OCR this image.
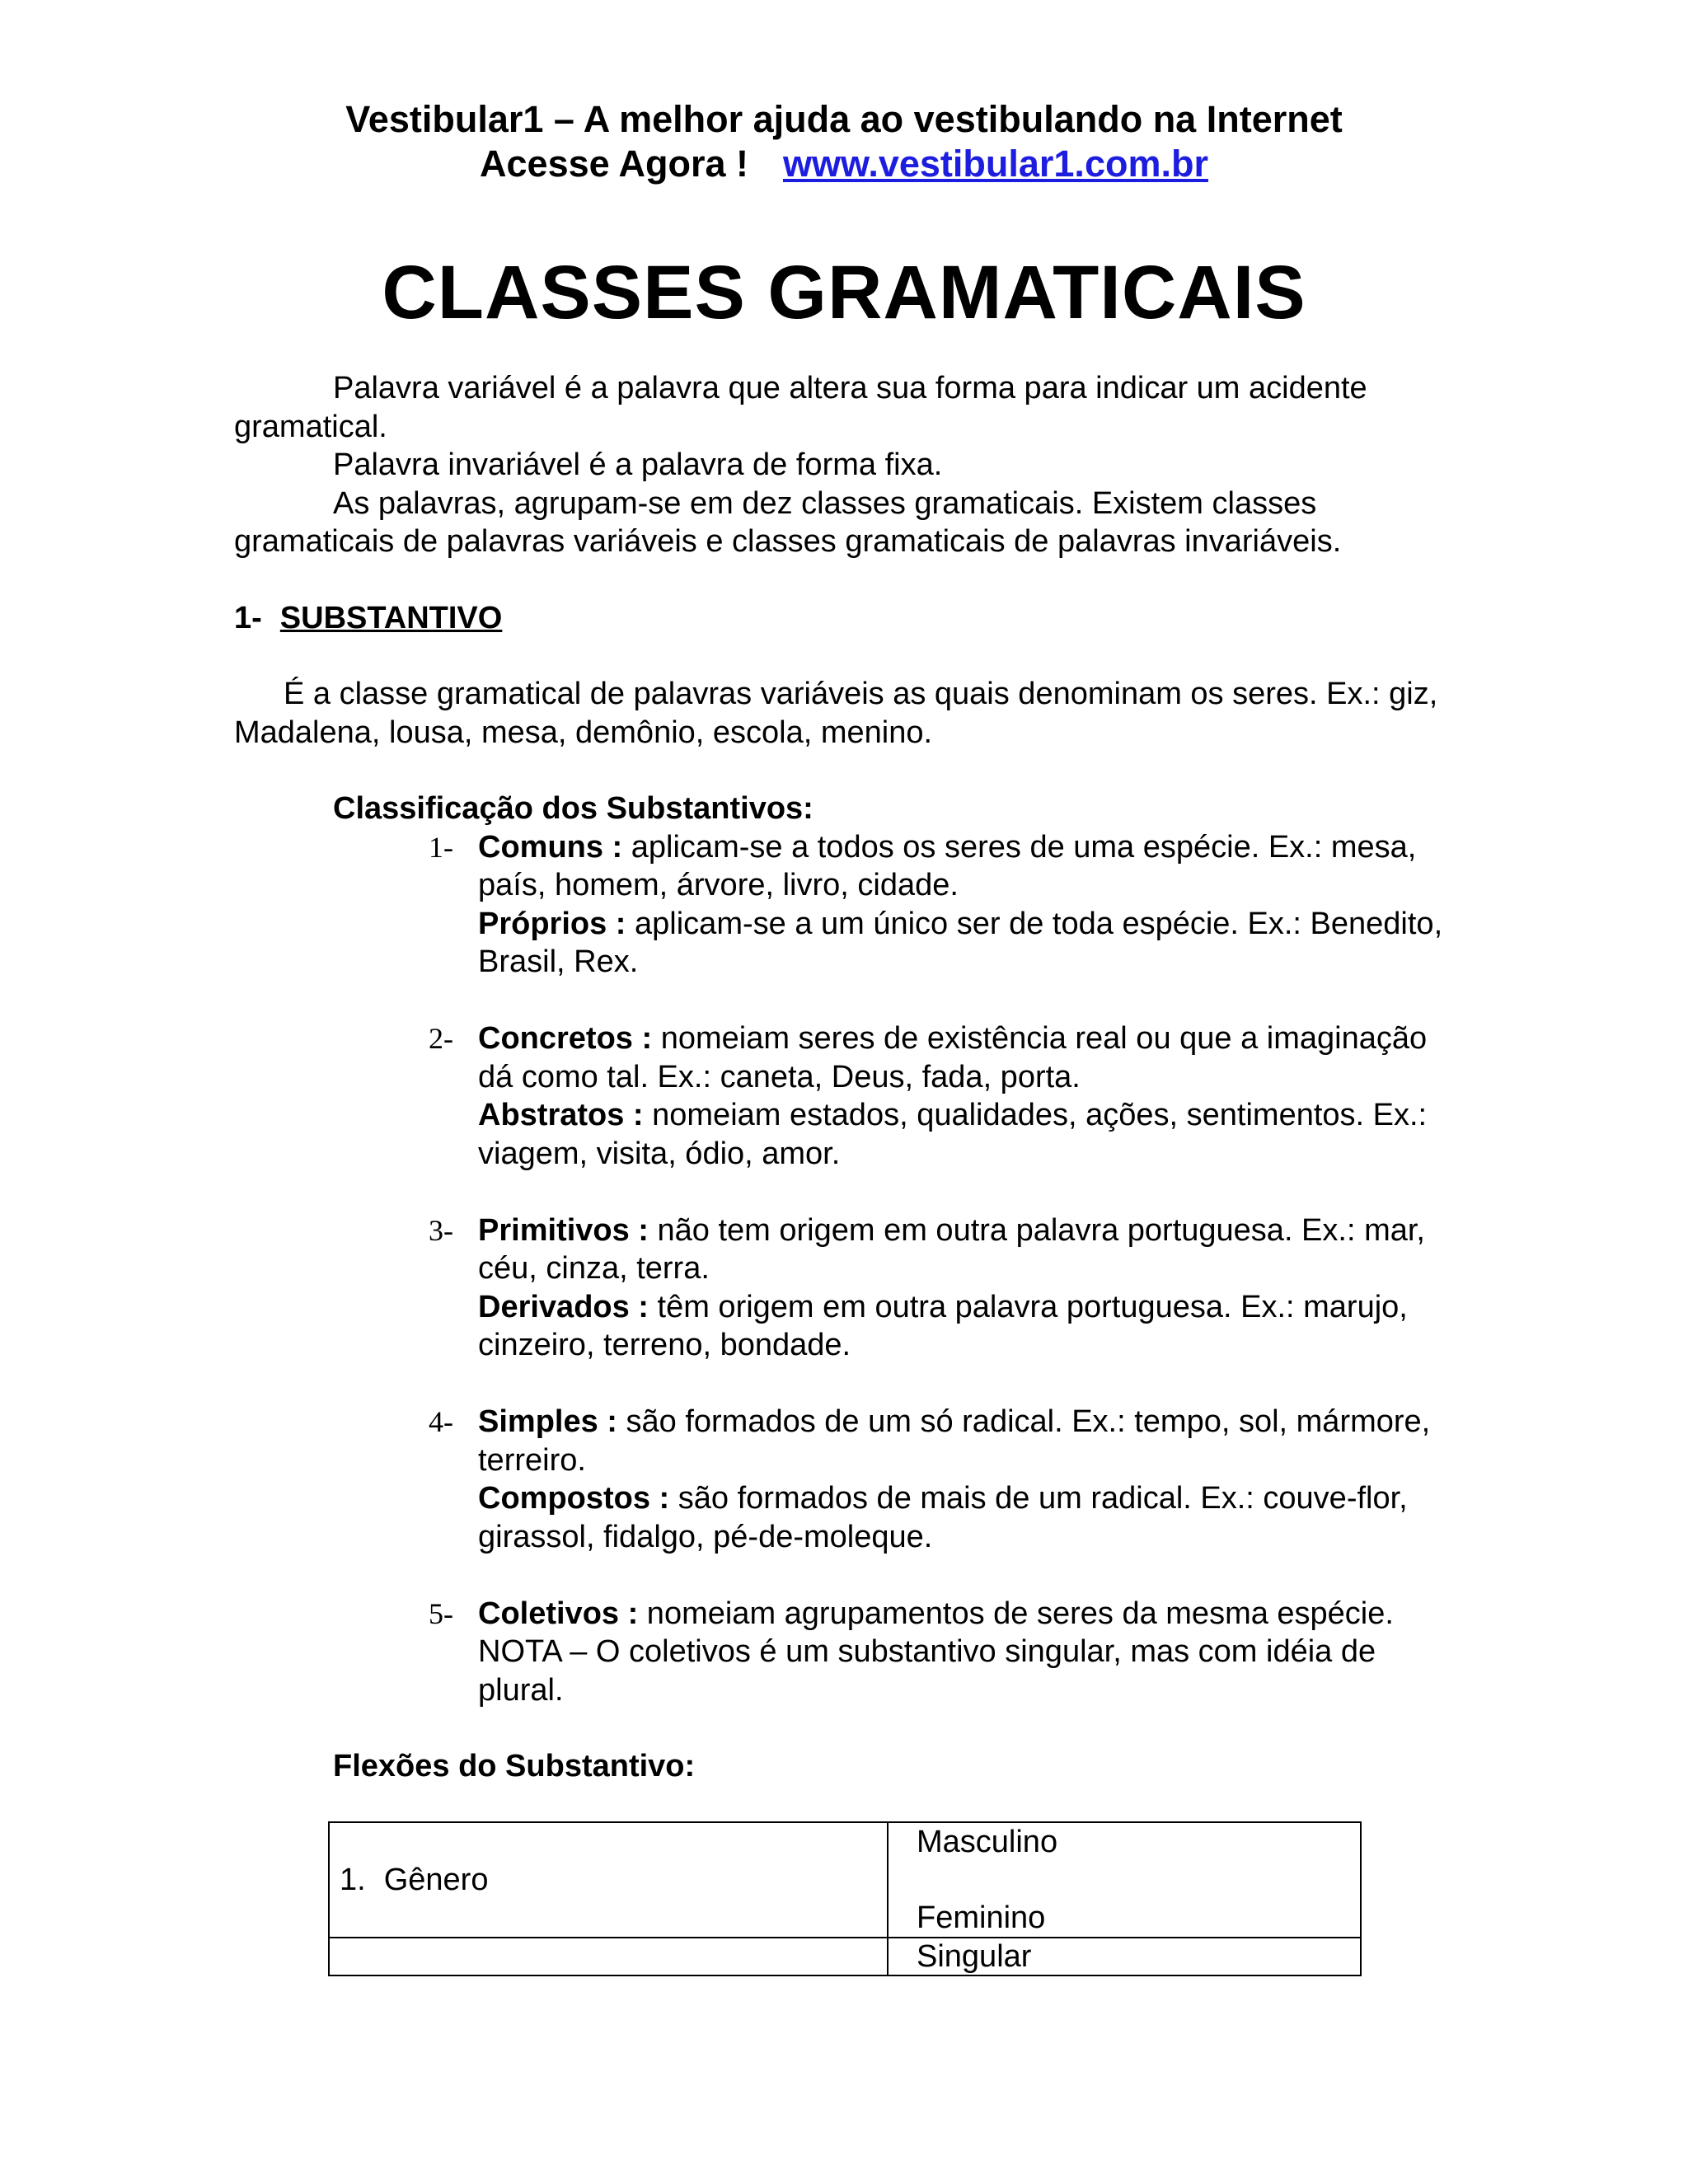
Vestibular1 – A melhor ajuda ao vestibulando na Internet
Acesse Agora ! www.vestibular1.com.br
CLASSES GRAMATICAIS

Palavra variável é a palavra que altera sua forma para indicar um acidente gramatical.

Palavra invariável é a palavra de forma fixa.

As palavras, agrupam-se em dez classes gramaticais. Existem classes gramaticais de palavras variáveis e classes gramaticais de palavras invariáveis.

1- SUBSTANTIVO

É a classe gramatical de palavras variáveis as quais denominam os seres. Ex.: giz, Madalena, lousa, mesa, demônio, escola, menino.

Classificação dos Substantivos:

1- Comuns : aplicam-se a todos os seres de uma espécie. Ex.: mesa, país, homem, árvore, livro, cidade.
Próprios : aplicam-se a um único ser de toda espécie. Ex.: Benedito, Brasil, Rex.
2- Concretos : nomeiam seres de existência real ou que a imaginação dá como tal. Ex.: caneta, Deus, fada, porta.
Abstratos : nomeiam estados, qualidades, ações, sentimentos. Ex.: viagem, visita, ódio, amor.
3- Primitivos : não tem origem em outra palavra portuguesa. Ex.: mar, céu, cinza, terra.
Derivados : têm origem em outra palavra portuguesa. Ex.: marujo, cinzeiro, terreno, bondade.
4- Simples : são formados de um só radical. Ex.: tempo, sol, mármore, terreiro.
Compostos : são formados de mais de um radical. Ex.: couve-flor, girassol, fidalgo, pé-de-moleque.
5- Coletivos : nomeiam agrupamentos de seres da mesma espécie. NOTA – O coletivos é um substantivo singular, mas com idéia de plural.

Flexões do Substantivo:

1. Gênero	Masculino
Feminino

	Singular
